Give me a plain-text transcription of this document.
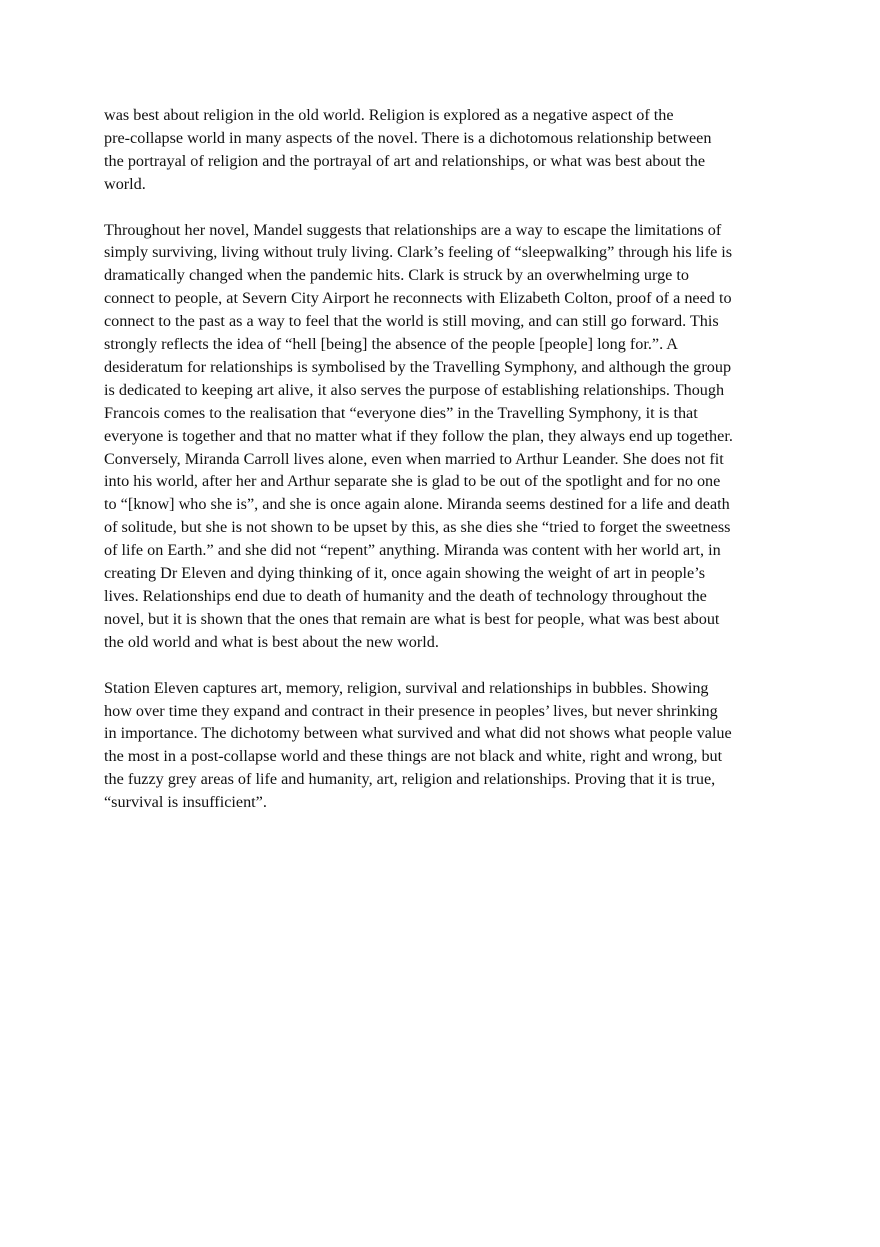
was best about religion in the old world. Religion is explored as a negative aspect of the
pre-collapse world in many aspects of the novel. There is a dichotomous relationship between
the portrayal of religion and the portrayal of art and relationships, or what was best about the
world.

Throughout her novel, Mandel suggests that relationships are a way to escape the limitations of
simply surviving, living without truly living. Clark’s feeling of “sleepwalking” through his life is
dramatically changed when the pandemic hits. Clark is struck by an overwhelming urge to
connect to people, at Severn City Airport he reconnects with Elizabeth Colton, proof of a need to
connect to the past as a way to feel that the world is still moving, and can still go forward. This
strongly reflects the idea of “hell [being] the absence of the people [people] long for.”. A
desideratum for relationships is symbolised by the Travelling Symphony, and although the group
is dedicated to keeping art alive, it also serves the purpose of establishing relationships. Though
Francois comes to the realisation that “everyone dies” in the Travelling Symphony, it is that
everyone is together and that no matter what if they follow the plan, they always end up together.
Conversely, Miranda Carroll lives alone, even when married to Arthur Leander. She does not fit
into his world, after her and Arthur separate she is glad to be out of the spotlight and for no one
to “[know] who she is”, and she is once again alone. Miranda seems destined for a life and death
of solitude, but she is not shown to be upset by this, as she dies she “tried to forget the sweetness
of life on Earth.” and she did not “repent” anything. Miranda was content with her world art, in
creating Dr Eleven and dying thinking of it, once again showing the weight of art in people’s
lives. Relationships end due to death of humanity and the death of technology throughout the
novel, but it is shown that the ones that remain are what is best for people, what was best about
the old world and what is best about the new world.

Station Eleven captures art, memory, religion, survival and relationships in bubbles. Showing
how over time they expand and contract in their presence in peoples’ lives, but never shrinking
in importance. The dichotomy between what survived and what did not shows what people value
the most in a post-collapse world and these things are not black and white, right and wrong, but
the fuzzy grey areas of life and humanity, art, religion and relationships. Proving that it is true,
“survival is insufficient”.
